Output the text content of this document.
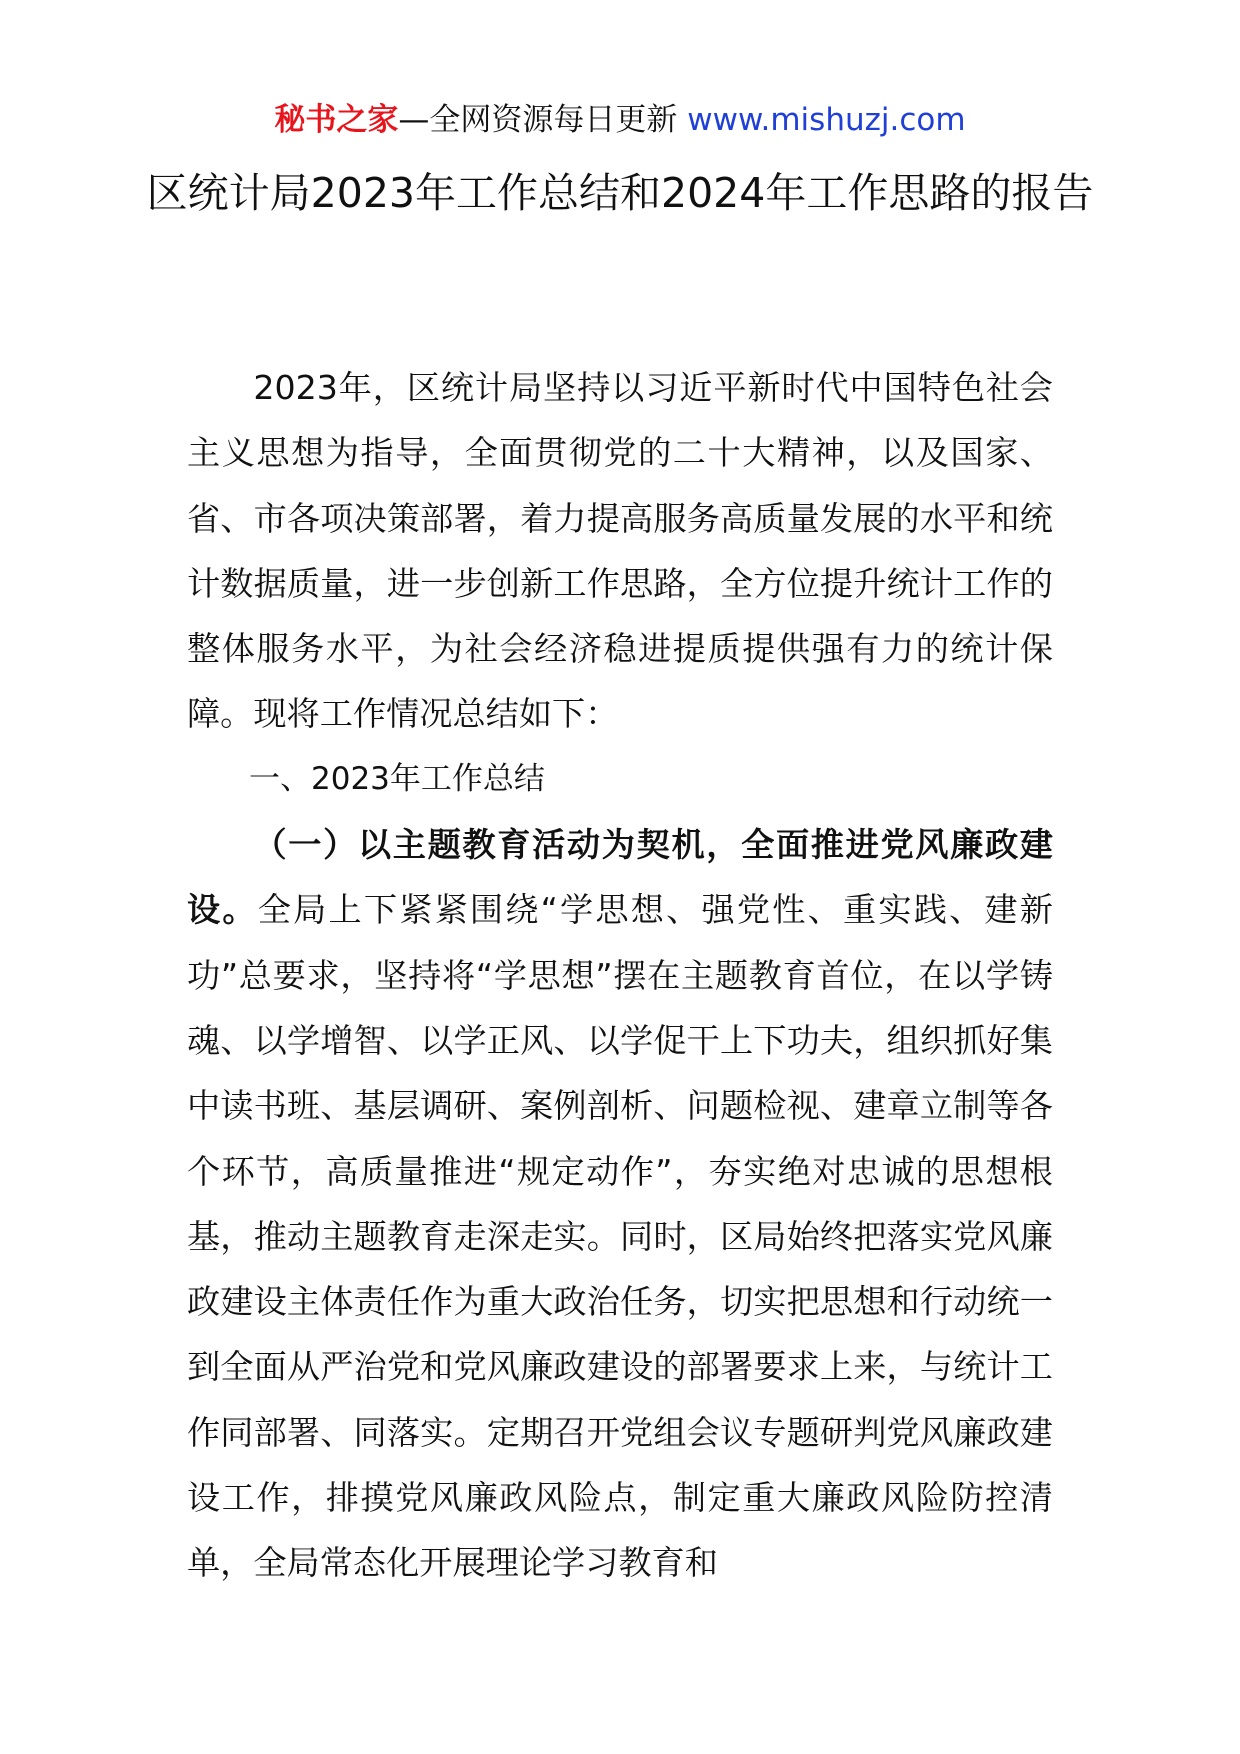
秘书之家—全网资源每日更新 www.mishuzj.com
区统计局2023年工作总结和2024年工作思路的报告

2023年，区统计局坚持以习近平新时代中国特色社会主义思想为指导，全面贯彻党的二十大精神，以及国家、省、市各项决策部署，着力提高服务高质量发展的水平和统计数据质量，进一步创新工作思路，全方位提升统计工作的整体服务水平，为社会经济稳进提质提供强有力的统计保障。现将工作情况总结如下：

一、2023年工作总结

（一）以主题教育活动为契机，全面推进党风廉政建设。全局上下紧紧围绕“学思想、强党性、重实践、建新功”总要求，坚持将“学思想”摆在主题教育首位，在以学铸魂、以学增智、以学正风、以学促干上下功夫，组织抓好集中读书班、基层调研、案例剖析、问题检视、建章立制等各个环节，高质量推进“规定动作”，夯实绝对忠诚的思想根基，推动主题教育走深走实。同时，区局始终把落实党风廉政建设主体责任作为重大政治任务，切实把思想和行动统一到全面从严治党和党风廉政建设的部署要求上来，与统计工作同部署、同落实。定期召开党组会议专题研判党风廉政建设工作，排摸党风廉政风险点，制定重大廉政风险防控清单，全局常态化开展理论学习教育和
